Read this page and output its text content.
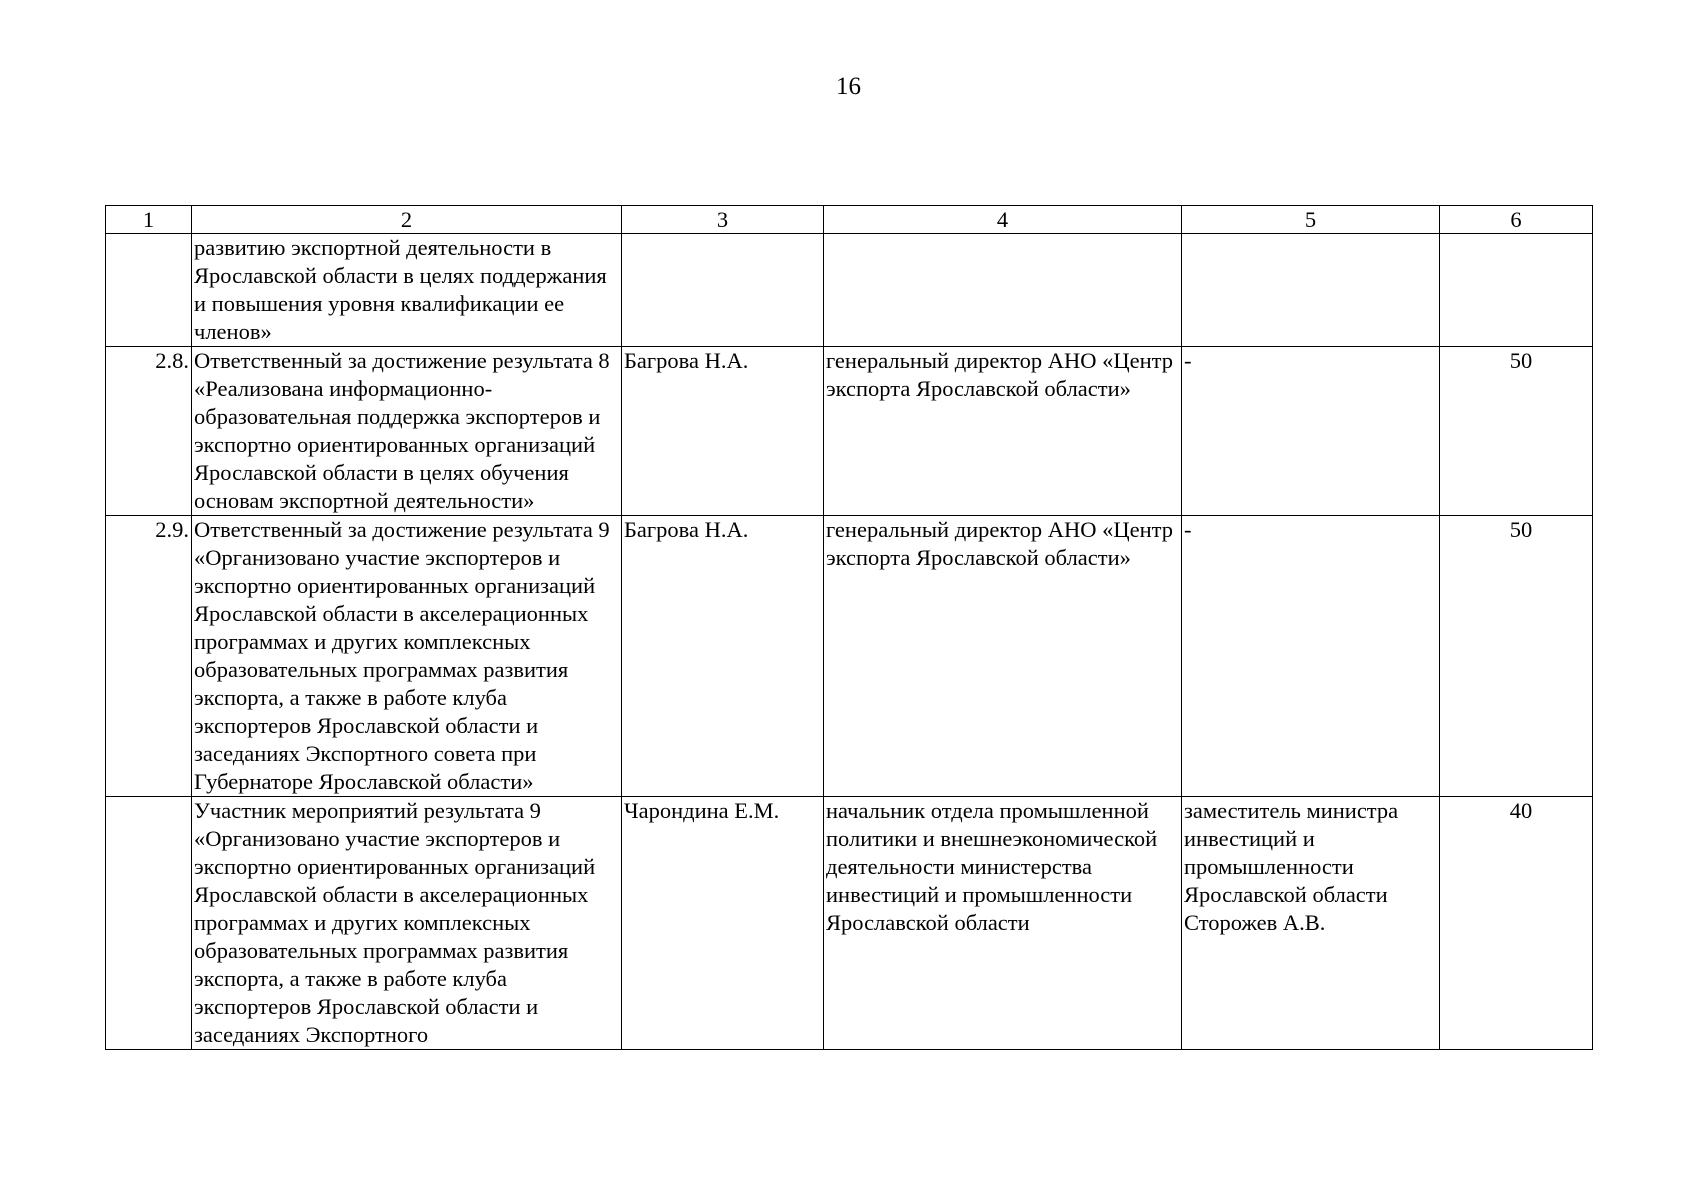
16
1	2	3	4	5	6
	развитию экспортной деятельности в Ярославской области в целях поддержания и повышения уровня квалификации ее членов»				
2.8.	Ответственный за достижение результата 8 «Реализована информационно-образовательная поддержка экспортеров и экспортно ориентированных организаций Ярославской области в целях обучения основам экспортной деятельности»	Багрова Н.А.	генеральный директор АНО «Центр экспорта Ярославской области»	-	50
2.9.	Ответственный за достижение результата 9 «Организовано участие экспортеров и экспортно ориентированных организаций Ярославской области в акселерационных программах и других комплексных образовательных программах развития экспорта, а также в работе клуба экспортеров Ярославской области и заседаниях Экспортного совета при Губернаторе Ярославской области»	Багрова Н.А.	генеральный директор АНО «Центр экспорта Ярославской области»	-	50
	Участник мероприятий результата 9 «Организовано участие экспортеров и экспортно ориентированных организаций Ярославской области в акселерационных программах и других комплексных образовательных программах развития экспорта, а также в работе клуба экспортеров Ярославской области и заседаниях Экспортного	Чарондина Е.М.	начальник отдела промышленной политики и внешнеэкономической деятельности министерства инвестиций и промышленности Ярославской области	заместитель министра инвестиций и промышленности Ярославской области Сторожев А.В.	40
